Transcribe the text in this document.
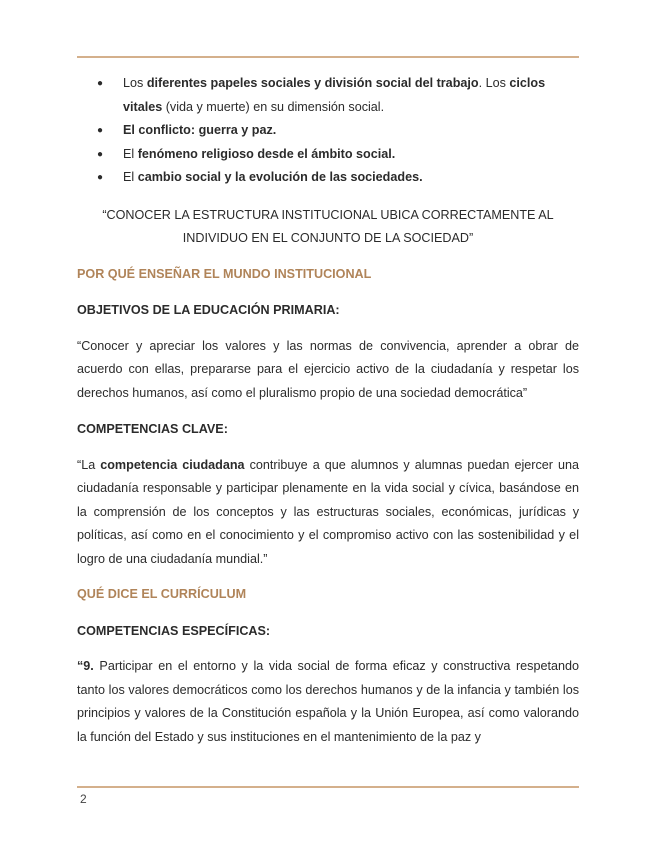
● Los diferentes papeles sociales y división social del trabajo. Los ciclos vitales (vida y muerte) en su dimensión social.
● El conflicto: guerra y paz.
● El fenómeno religioso desde el ámbito social.
● El cambio social y la evolución de las sociedades.
“CONOCER LA ESTRUCTURA INSTITUCIONAL UBICA CORRECTAMENTE AL INDIVIDUO EN EL CONJUNTO DE LA SOCIEDAD”
POR QUÉ ENSEÑAR EL MUNDO INSTITUCIONAL
OBJETIVOS DE LA EDUCACIÓN PRIMARIA:
“Conocer y apreciar los valores y las normas de convivencia, aprender a obrar de acuerdo con ellas, prepararse para el ejercicio activo de la ciudadanía y respetar los derechos humanos, así como el pluralismo propio de una sociedad democrática”
COMPETENCIAS CLAVE:
“La competencia ciudadana contribuye a que alumnos y alumnas puedan ejercer una ciudadanía responsable y participar plenamente en la vida social y cívica, basándose en la comprensión de los conceptos y las estructuras sociales, económicas, jurídicas y políticas, así como en el conocimiento y el compromiso activo con las sostenibilidad y el logro de una ciudadanía mundial.”
QUÉ DICE EL CURRÍCULUM
COMPETENCIAS ESPECÍFICAS:
“9. Participar en el entorno y la vida social de forma eficaz y constructiva respetando tanto los valores democráticos como los derechos humanos y de la infancia y también los principios y valores de la Constitución española y la Unión Europea, así como valorando la función del Estado y sus instituciones en el mantenimiento de la paz y
2
